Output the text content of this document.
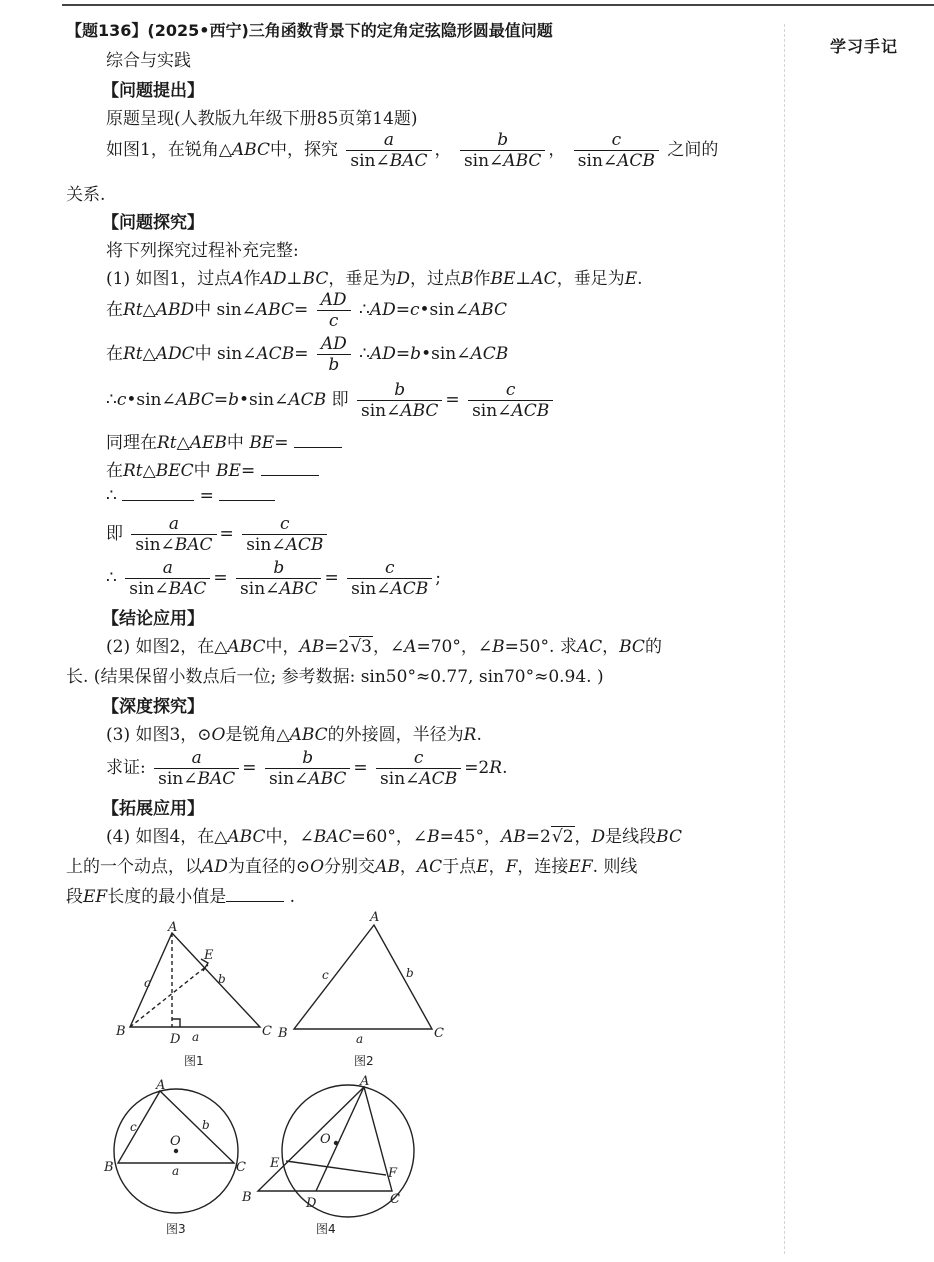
学习手记
【题136】(2025•西宁)三角函数背景下的定角定弦隐形圆最值问题
综合与实践
【问题提出】
原题呈现(人教版九年级下册85页第14题)
如图1，在锐角△ABC中，探究 $\frac{a}{\text{sin∠BAC}}$ ， $\frac{b}{\text{sin∠ABC}}$ ， $\frac{c}{\text{sin∠ACB}}$ 之间的
关系.
【问题探究】
将下列探究过程补充完整:
(1) 如图1，过点A作AD⊥BC，垂足为D，过点B作BE⊥AC，垂足为E.
在Rt△ABD中 sin∠ABC= $\frac{AD}{c}$ ∴AD=c•sin∠ABC
在Rt△ADC中 sin∠ACB= $\frac{AD}{b}$ ∴AD=b•sin∠ACB
∴c•sin∠ABC=b•sin∠ACB 即 $\frac{b}{\text{sin∠ABC}} = \frac{c}{\text{sin∠ACB}}$
同理在Rt△AEB中 BE=
在Rt△BEC中 BE=
∴	=
即 $\frac{a}{\text{sin∠BAC}} = \frac{c}{\text{sin∠ACB}}$
∴ $\frac{a}{\text{sin∠BAC}} = \frac{b}{\text{sin∠ABC}} = \frac{c}{\text{sin∠ACB}}$ ;
【结论应用】
(2) 如图2，在△ABC中，AB=2√3，∠A=70°，∠B=50°. 求AC，BC的
长. (结果保留小数点后一位; 参考数据: sin50°≈0.77, sin70°≈0.94. )
【深度探究】
(3) 如图3，⊙O是锐角△ABC的外接圆，半径为R.
求证: $\frac{a}{\text{sin∠BAC}} = \frac{b}{\text{sin∠ABC}} = \frac{c}{\text{sin∠ACB}} =2R$.
【拓展应用】
(4) 如图4，在△ABC中，∠BAC=60°，∠B=45°，AB=2√2，D是线段BC
上的一个动点，以AD为直径的⊙O分别交AB，AC于点E，F，连接EF. 则线
段EF长度的最小值是	.
A
E
c	b
B	C
D a
图1
A
c	b
B	C
a
图2
A
O
c	b
B	C
a
图3
A
O
E
F
B	C
D
图4
